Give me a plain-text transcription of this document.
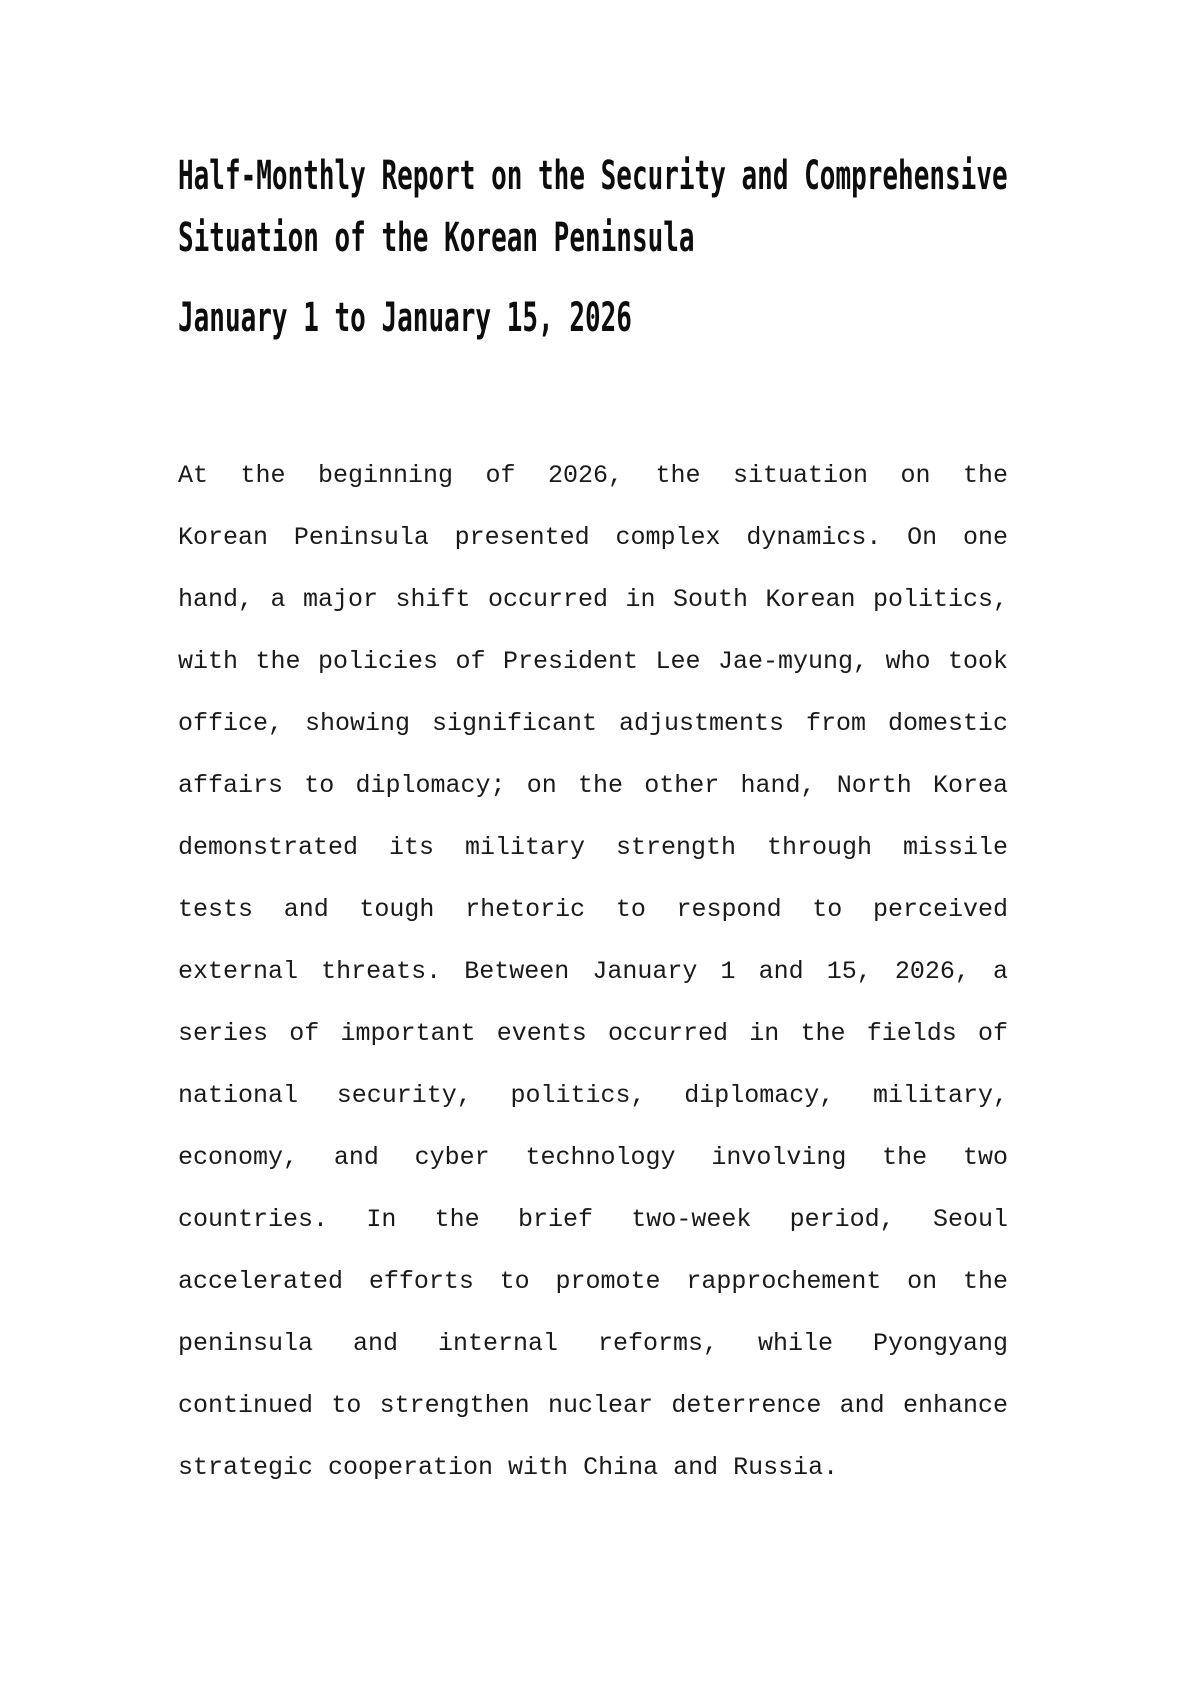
Half-Monthly Report on the Security and Comprehensive
Situation of the Korean Peninsula
January 1 to January 15, 2026
At the beginning of 2026, the situation on the
Korean Peninsula presented complex dynamics. On one
hand, a major shift occurred in South Korean politics,
with the policies of President Lee Jae-myung, who took
office, showing significant adjustments from domestic
affairs to diplomacy; on the other hand, North Korea
demonstrated its military strength through missile
tests and tough rhetoric to respond to perceived
external threats. Between January 1 and 15, 2026, a
series of important events occurred in the fields of
national security, politics, diplomacy, military,
economy, and cyber technology involving the two
countries. In the brief two-week period, Seoul
accelerated efforts to promote rapprochement on the
peninsula and internal reforms, while Pyongyang
continued to strengthen nuclear deterrence and enhance
strategic cooperation with China and Russia.
